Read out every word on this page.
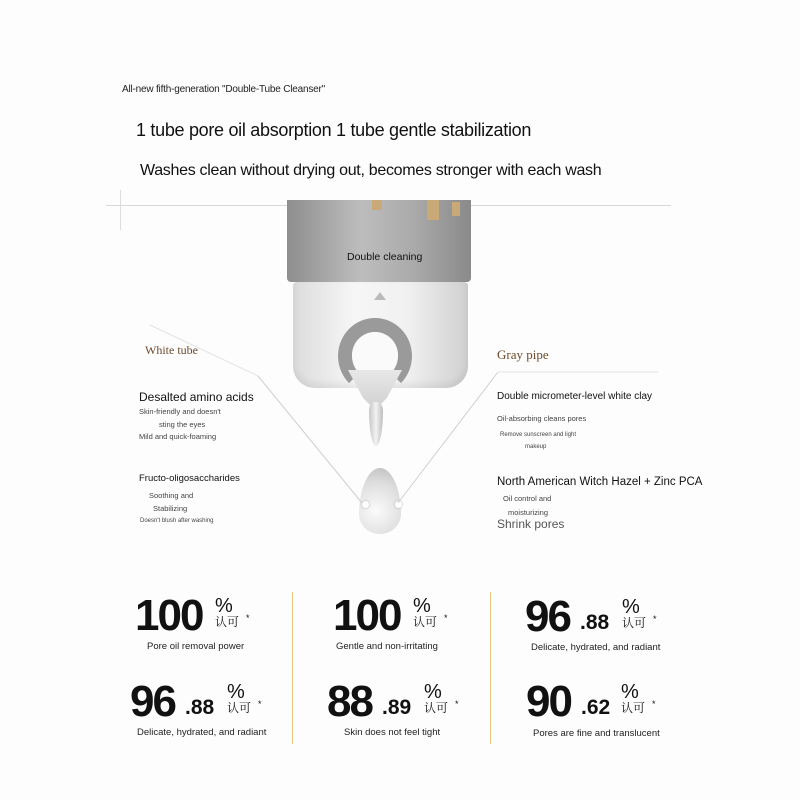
All-new fifth-generation "Double-Tube Cleanser"
1 tube pore oil absorption 1 tube gentle stabilization
Washes clean without drying out, becomes stronger with each wash
Double cleaning
White tube
Desalted amino acids
Skin-friendly and doesn't
sting the eyes
Mild and quick-foaming
Fructo-oligosaccharides
Soothing and
Stabilizing
Doesn't blush after washing
Gray pipe
Double micrometer-level white clay
Oil-absorbing cleans pores
Remove sunscreen and light
makeup
North American Witch Hazel + Zinc PCA
Oil control and
moisturizing
Shrink pores
100 %
认可 *
Pore oil removal power
100 %
认可 *
Gentle and non-irritating
96 .88
%
认可 *
Delicate, hydrated, and radiant
96 .88
%
认可 *
Delicate, hydrated, and radiant
88 .89
%
认可 *
Skin does not feel tight
90 .62
%
认可 *
Pores are fine and translucent
